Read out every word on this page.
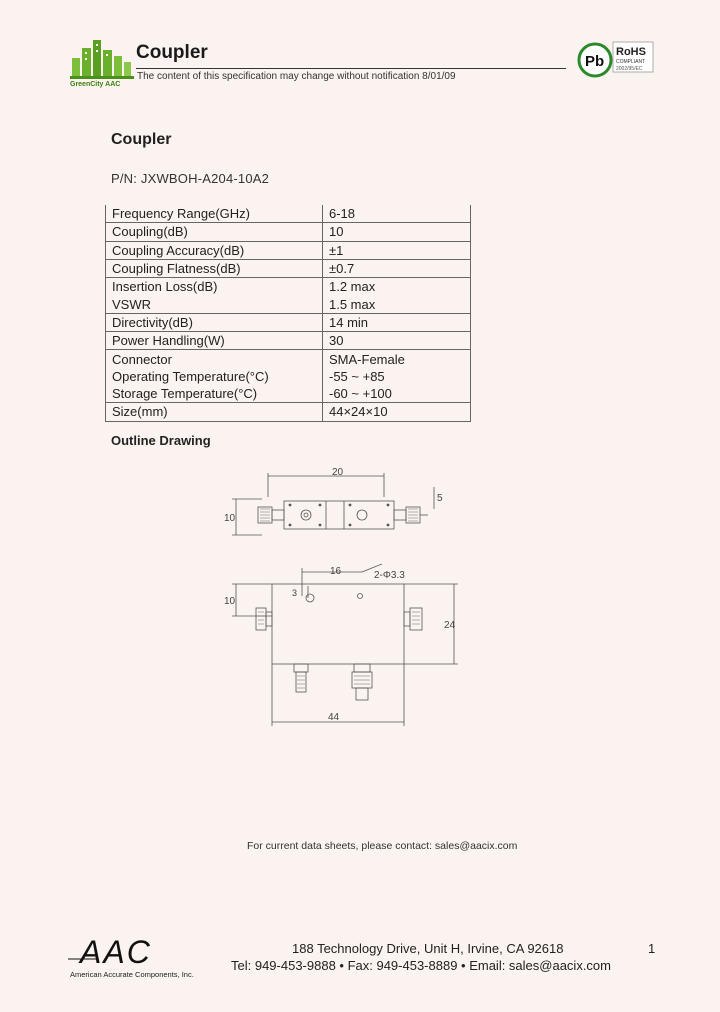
GreenCity AAC
Coupler
The content of this specification may change without notification 8/01/09
Pb
RoHS
COMPLIANT
2002/95/EC
Coupler
P/N: JXWBOH-A204-10A2
Frequency Range(GHz)	6-18
Coupling(dB)	10
Coupling Accuracy(dB)	±1
Coupling Flatness(dB)	±0.7
Insertion Loss(dB)	1.2 max
VSWR	1.5 max
Directivity(dB)	14 min
Power Handling(W)	30
Connector	SMA-Female
Operating Temperature(°C)	-55 ~ +85
Storage Temperature(°C)	-60 ~ +100
Size(mm)	44×24×10
Outline Drawing
20
10
5
16	2-Φ3.3
3
10
24
44
For current data sheets, please contact: sales@aacix.com
AAC
American Accurate Components, Inc.
188 Technology Drive, Unit H, Irvine, CA 92618
Tel: 949-453-9888 • Fax: 949-453-8889 • Email: sales@aacix.com
1
